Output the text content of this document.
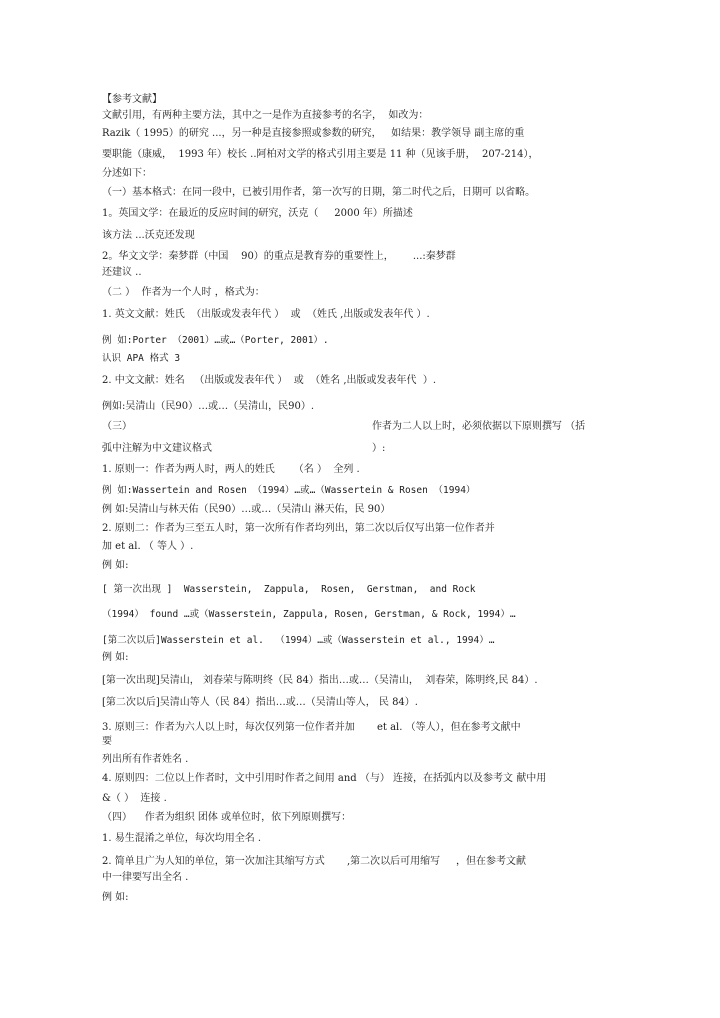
【参考文献】
文献引用，有两种主要方法，其中之一是作为直接参考的名字，  如改为：
Razik（ 1995）的研究 ...，另一种是直接参照或参数的研究，   如结果：教学领导 副主席的重
要职能（康威，  1993 年）校长 ..阿柏对文学的格式引用主要是 11 种（见该手册，  207-214），
分述如下：
（一）基本格式：在同一段中，已被引用作者，第一次写的日期，第二时代之后，日期可 以省略。
1。英国文学：在最近的反应时间的研究，沃克（     2000 年）所描述
该方法 ...沃克还发现
2。华文文学：秦梦群（中国    90）的重点是教育券的重要性上，      ...:秦梦群
还建议 ..
（二 ）  作者为一个人时 ，格式为：
1. 英文文献：姓氏  （出版或发表年代 ）  或  （姓氏 ,出版或发表年代 ）.
例 如:Porter （2001）…或…（Porter, 2001）.
认识 APA 格式 3
2. 中文文献：姓名   （出版或发表年代 ）  或  （姓名 ,出版或发表年代  ）.
例如:吴清山（民90）…或…（吴清山，民90）.
（三）	作者为二人以上时，必须依据以下原则撰写 （括
弧中注解为中文建议格式	）:
1. 原则一：作者为两人时，两人的姓氏      （名 ）  全列 .
例 如:Wassertein and Rosen （1994）…或…（Wassertein & Rosen （1994）
例 如:吴清山与林天佑（民90）…或…（吴清山 淋天佑，民 90）
2. 原则二：作者为三至五人时，第一次所有作者均列出，第二次以后仅写出第一位作者并
加 et al. （ 等人 ）.
例 如:
[ 第一次出现 ]  Wasserstein,  Zappula,  Rosen,  Gerstman,  and Rock
（1994） found …或（Wasserstein, Zappula, Rosen, Gerstman, & Rock, 1994）…
[第二次以后]Wasserstein et al.  （1994）…或（Wasserstein et al., 1994）…
例 如:
[第一次出现]吴清山， 刘春荣与陈明终（民 84）指出…或…（吴清山，  刘春荣，陈明终,民 84）.
[第二次以后]吴清山等人（民 84）指出…或…（吴清山等人， 民 84）.
3. 原则三：作者为六人以上时，每次仅列第一位作者并加       et al. （等人），但在参考文献中
要
列出所有作者姓名 .
4. 原则四：二位以上作者时，文中引用时作者之间用 and （与） 连接，在括弧内以及参考文 献中用
&（ ）  连接 .
（四）    作者为组织 团体 或单位时，依下列原则撰写：
1. 易生混淆之单位，每次均用全名 .
2. 简单且广为人知的单位，第一次加注其缩写方式       ,第二次以后可用缩写     ，但在参考文献
中一律要写出全名 .
例 如:
